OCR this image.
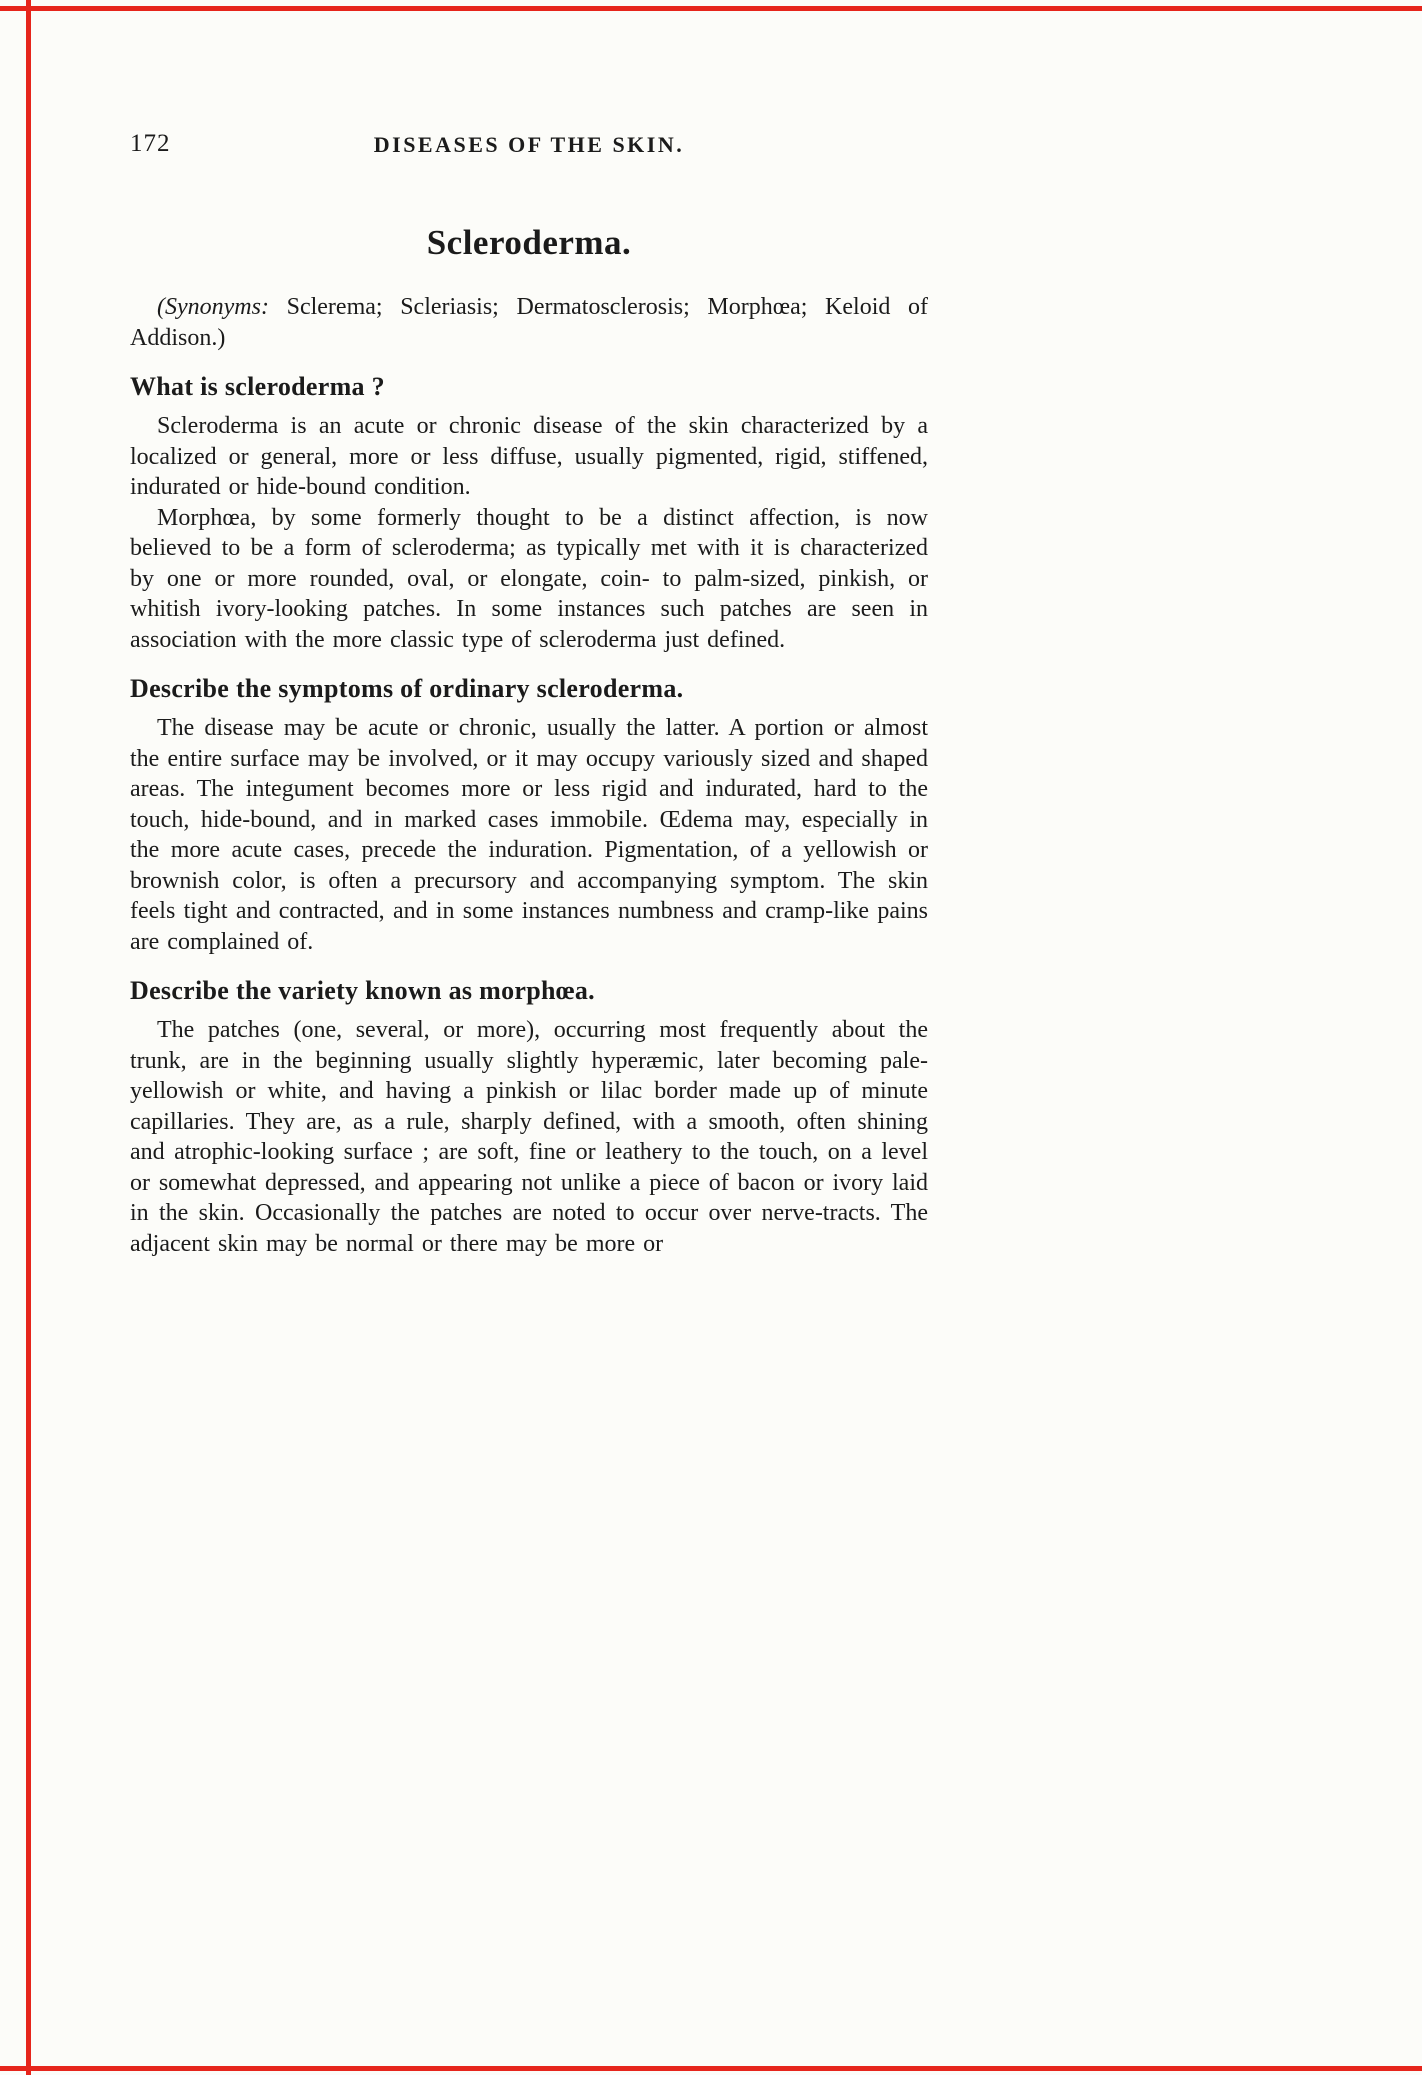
172	DISEASES OF THE SKIN.
Scleroderma.

(Synonyms: Sclerema; Scleriasis; Dermatosclerosis; Morphœa; Keloid of Addison.)

What is scleroderma ?

Scleroderma is an acute or chronic disease of the skin characterized by a localized or general, more or less diffuse, usually pigmented, rigid, stiffened, indurated or hide-bound condition.

Morphœa, by some formerly thought to be a distinct affection, is now believed to be a form of scleroderma; as typically met with it is characterized by one or more rounded, oval, or elongate, coin- to palm-sized, pinkish, or whitish ivory-looking patches. In some instances such patches are seen in association with the more classic type of scleroderma just defined.

Describe the symptoms of ordinary scleroderma.

The disease may be acute or chronic, usually the latter. A portion or almost the entire surface may be involved, or it may occupy variously sized and shaped areas. The integument becomes more or less rigid and indurated, hard to the touch, hide-bound, and in marked cases immobile. Œdema may, especially in the more acute cases, precede the induration. Pigmentation, of a yellowish or brownish color, is often a precursory and accompanying symptom. The skin feels tight and contracted, and in some instances numbness and cramp-like pains are complained of.

Describe the variety known as morphœa.

The patches (one, several, or more), occurring most frequently about the trunk, are in the beginning usually slightly hyperæmic, later becoming pale-yellowish or white, and having a pinkish or lilac border made up of minute capillaries. They are, as a rule, sharply defined, with a smooth, often shining and atrophic-looking surface ; are soft, fine or leathery to the touch, on a level or somewhat depressed, and appearing not unlike a piece of bacon or ivory laid in the skin. Occasionally the patches are noted to occur over nerve-tracts. The adjacent skin may be normal or there may be more or
